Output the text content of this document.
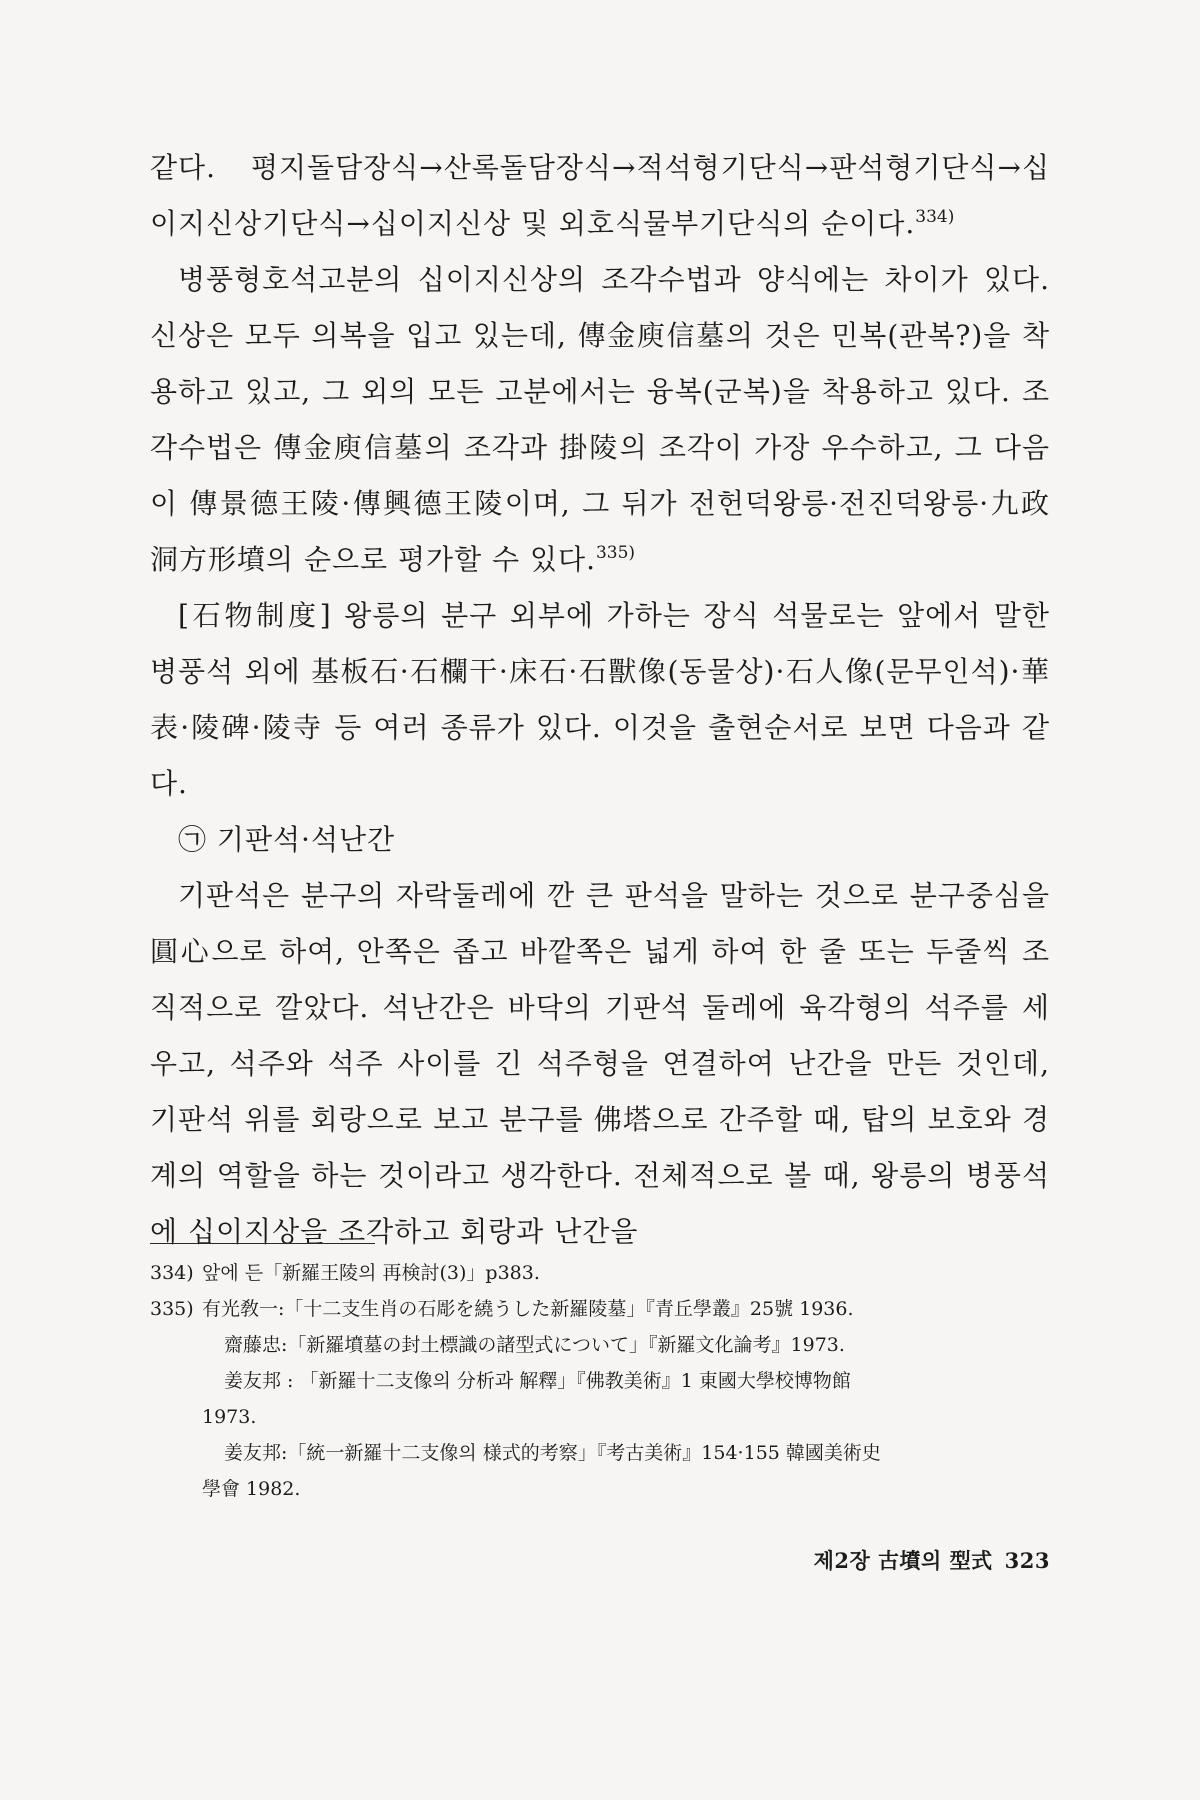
같다. 평지돌담장식→산록돌담장식→적석형기단식→판석형기단식→십이지신상기단식→십이지신상 및 외호식물부기단식의 순이다.$^{334)}$

병풍형호석고분의 십이지신상의 조각수법과 양식에는 차이가 있다. 신상은 모두 의복을 입고 있는데, 傳金庾信墓의 것은 민복(관복?)을 착용하고 있고, 그 외의 모든 고분에서는 융복(군복)을 착용하고 있다. 조각수법은 傳金庾信墓의 조각과 掛陵의 조각이 가장 우수하고, 그 다음이 傳景德王陵·傳興德王陵이며, 그 뒤가 전헌덕왕릉·전진덕왕릉·九政洞方形墳의 순으로 평가할 수 있다.$^{335)}$

[石物制度] 왕릉의 분구 외부에 가하는 장식 석물로는 앞에서 말한 병풍석 외에 基板石·石欄干·床石·石獸像(동물상)·石人像(문무인석)·華表·陵碑·陵寺 등 여러 종류가 있다. 이것을 출현순서로 보면 다음과 같다.

㉠ 기판석·석난간

기판석은 분구의 자락둘레에 깐 큰 판석을 말하는 것으로 분구중심을 圓心으로 하여, 안쪽은 좁고 바깥쪽은 넓게 하여 한 줄 또는 두줄씩 조직적으로 깔았다. 석난간은 바닥의 기판석 둘레에 육각형의 석주를 세우고, 석주와 석주 사이를 긴 석주형을 연결하여 난간을 만든 것인데, 기판석 위를 회랑으로 보고 분구를 佛塔으로 간주할 때, 탑의 보호와 경계의 역할을 하는 것이라고 생각한다. 전체적으로 볼 때, 왕릉의 병풍석에 십이지상을 조각하고 회랑과 난간을

334) 앞에 든「新羅王陵의 再検討(3)」p383.
335) 有光敎一:「十二支生肖の石彫を繞うした新羅陵墓」『青丘學叢』25號 1936.
齋藤忠:「新羅墳墓の封土標識の諸型式について」『新羅文化論考』1973.
姜友邦 : 「新羅十二支像의 分析과 解釋」『佛教美術』1 東國大學校博物館
1973.
姜友邦:「統一新羅十二支像의 様式的考察」『考古美術』154·155 韓國美術史
學會 1982.
제2장 古墳의 型式 323
